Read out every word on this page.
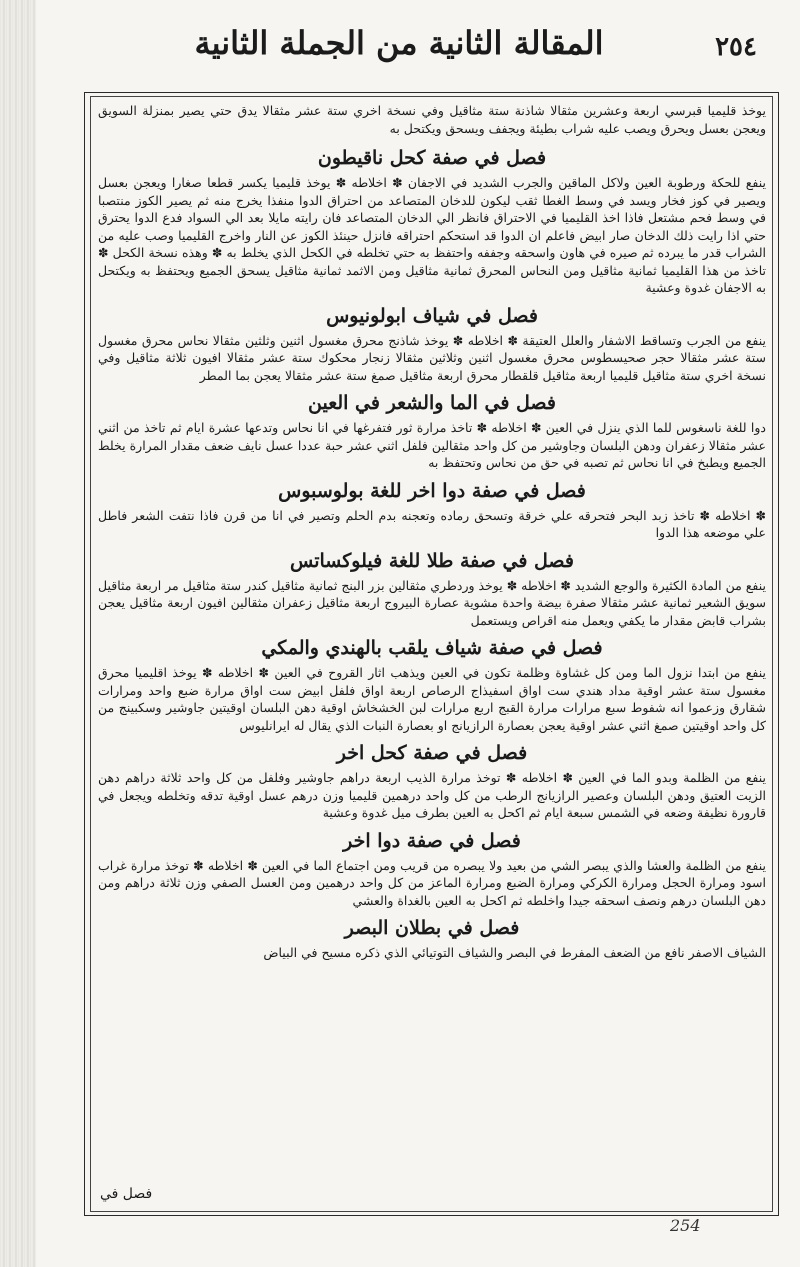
المقالة الثانية من الجملة الثانية	٢٥٤

يوخذ قليميا قبرسي اربعة وعشرين مثقالا شاذنة ستة مثاقيل وفي نسخة اخري ستة عشر مثقالا يدق حتي يصير بمنزلة السويق ويعجن بعسل ويحرق ويصب عليه شراب بطيئة ويجفف ويسحق ويكتحل به

فصل في صفة كحل ناقيطون

ينفع للحكة ورطوبة العين ولاكل الماقين والجرب الشديد في الاجفان ✽ اخلاطه ✽ يوخذ قليميا يكسر قطعا صغارا ويعجن بعسل ويصير في كوز فخار ويسد في وسط الغطا ثقب ليكون للدخان المتصاعد من احتراق الدوا منفذا يخرج منه ثم يصير الكوز منتصبا في وسط فحم مشتعل فاذا اخذ القليميا في الاحتراق فانظر الي الدخان المتصاعد فان رايته مايلا بعد الي السواد فدع الدوا يحترق حتي اذا رايت ذلك الدخان صار ابيض فاعلم ان الدوا قد استحكم احتراقه فانزل حينئذ الكوز عن النار واخرج القليميا وصب عليه من الشراب قدر ما يبرده ثم صيره في هاون واسحقه وجففه واحتفظ به حتي تخلطه في الكحل الذي يخلط به ✽ وهذه نسخة الكحل ✽ تاخذ من هذا القليميا ثمانية مثاقيل ومن النحاس المحرق ثمانية مثاقيل ومن الاثمد ثمانية مثاقيل يسحق الجميع ويحتفظ به ويكتحل به الاجفان غدوة وعشية

فصل في شياف ابولونيوس

ينفع من الجرب وتساقط الاشفار والعلل العتيقة ✽ اخلاطه ✽ يوخذ شاذنج محرق مغسول اثنين وثلثين مثقالا نحاس محرق مغسول ستة عشر مثقالا حجر صحيسطوس محرق مغسول اثنين وثلاثين مثقالا زنجار محكوك ستة عشر مثقالا افيون ثلاثة مثاقيل وفي نسخة اخري ستة مثاقيل قليميا اربعة مثاقيل قلقطار محرق اربعة مثاقيل صمغ ستة عشر مثقالا يعجن بما المطر

فصل في الما والشعر في العين

دوا للغة ناسغوس للما الذي ينزل في العين ✽ اخلاطه ✽ تاخذ مرارة ثور فتفرغها في انا نحاس وتدعها عشرة ايام ثم تاخذ من اثني عشر مثقالا زعفران ودهن البلسان وجاوشير من كل واحد مثقالين فلفل اثني عشر حبة عددا عسل نايف ضعف مقدار المرارة يخلط الجميع ويطبخ في انا نحاس ثم تصبه في حق من نحاس وتحتفظ به

فصل في صفة دوا اخر للغة بولوسبوس

✽ اخلاطه ✽ تاخذ زبد البحر فتحرقه علي خرقة وتسحق رماده وتعجنه بدم الحلم وتصير في انا من قرن فاذا نتفت الشعر فاطل علي موضعه هذا الدوا

فصل في صفة طلا للغة فيلوكساتس

ينفع من المادة الكثيرة والوجع الشديد ✽ اخلاطه ✽ يوخذ وردطري مثقالين بزر البنج ثمانية مثاقيل كندر ستة مثاقيل مر اربعة مثاقيل سويق الشعير ثمانية عشر مثقالا صفرة بيضة واحدة مشوية عصارة البيروج اربعة مثاقيل زعفران مثقالين افيون اربعة مثاقيل يعجن بشراب قابض مقدار ما يكفي ويعمل منه اقراص ويستعمل

فصل في صفة شياف يلقب بالهندي والمكي

ينفع من ابتدا نزول الما ومن كل غشاوة وظلمة تكون في العين ويذهب اثار القروح في العين ✽ اخلاطه ✽ يوخذ اقليميا محرق مغسول ستة عشر اوقية مداد هندي ست اواق اسفيذاج الرصاص اربعة اواق فلفل ابيض ست اواق مرارة ضبع واحد ومرارات شقارق وزعموا انه شفوط سبع مرارات مرارة القبج اربع مرارات لبن الخشخاش اوقية دهن البلسان اوقيتين جاوشير وسكبينج من كل واحد اوقيتين صمغ اثني عشر اوقية يعجن بعصارة الرازيانج او بعصارة النبات الذي يقال له ايرانليوس

فصل في صفة كحل اخر

ينفع من الظلمة وبدو الما في العين ✽ اخلاطه ✽ توخذ مرارة الذيب اربعة دراهم جاوشير وفلفل من كل واحد ثلاثة دراهم دهن الزيت العتيق ودهن البلسان وعصير الرازيانج الرطب من كل واحد درهمين قليميا وزن درهم عسل اوقية تدقه وتخلطه ويجعل في قارورة نظيفة وضعه في الشمس سبعة ايام ثم اكحل به العين بطرف ميل غدوة وعشية

فصل في صفة دوا اخر

ينفع من الظلمة والعشا والذي يبصر الشي من بعيد ولا يبصره من قريب ومن اجتماع الما في العين ✽ اخلاطه ✽ توخذ مرارة غراب اسود ومرارة الحجل ومرارة الكركي ومرارة الضبع ومرارة الماعز من كل واحد درهمين ومن العسل الصفي وزن ثلاثة دراهم ومن دهن البلسان درهم ونصف اسحقه جيدا واخلطه ثم اكحل به العين بالغداة والعشي

فصل في بطلان البصر

الشياف الاصفر نافع من الضعف المفرط في البصر والشياف التوتيائي الذي ذكره مسيح في البياض

فصل في
254
